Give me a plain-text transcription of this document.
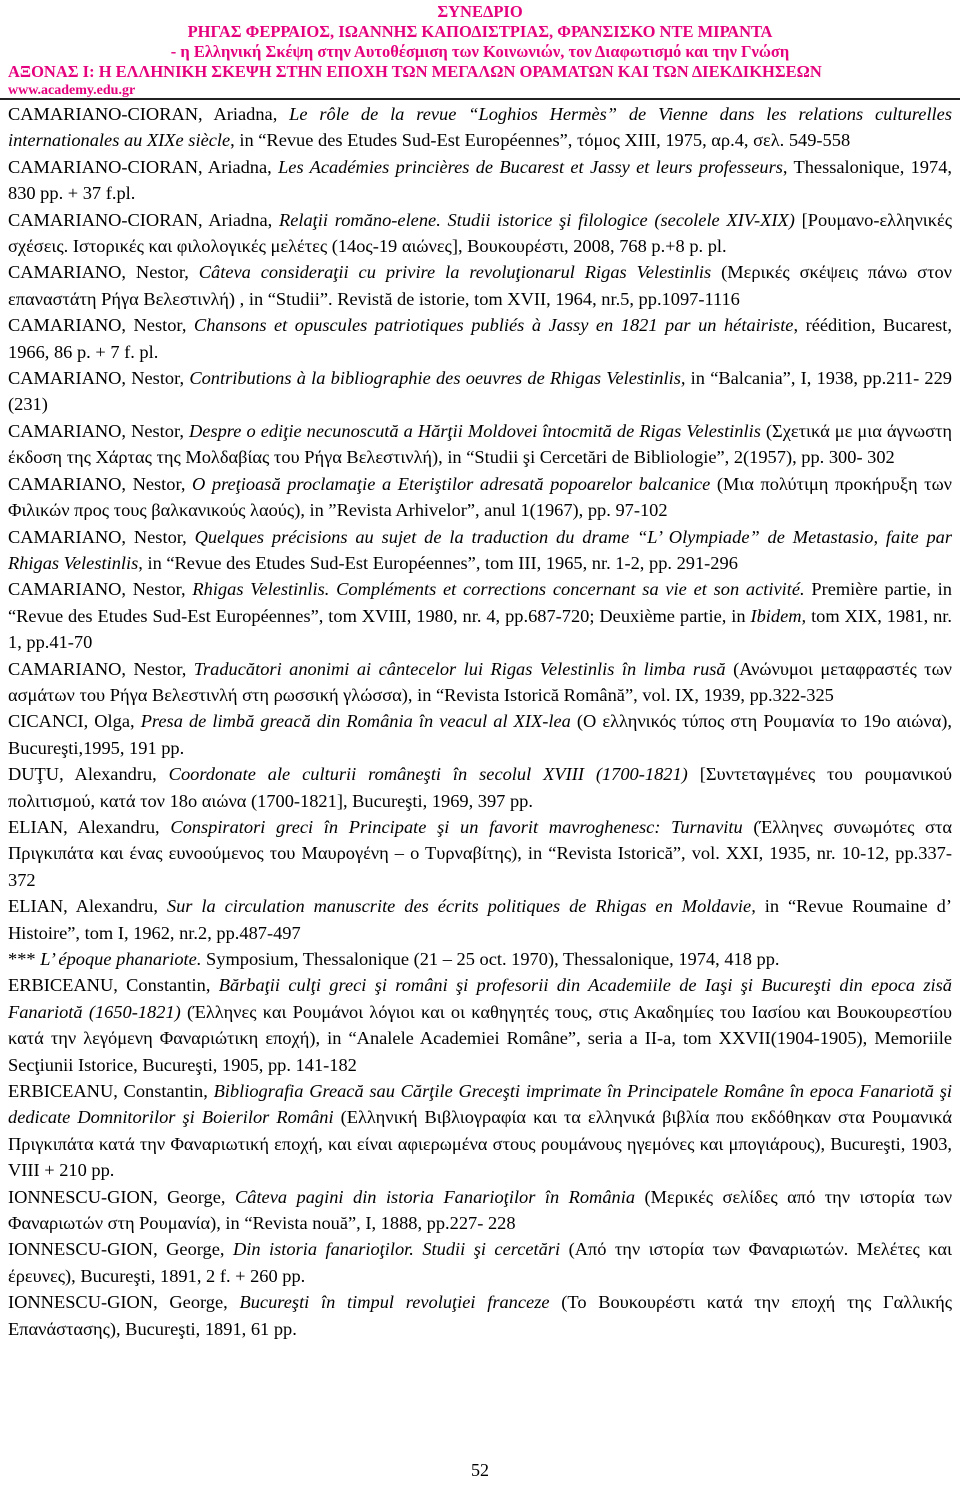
ΣΥΝΕΔΡΙΟ
ΡΗΓΑΣ ΦΕΡΡΑΙΟΣ, ΙΩΑΝΝΗΣ ΚΑΠΟΔΙΣΤΡΙΑΣ, ΦΡΑΝΣΙΣΚΟ ΝΤΕ ΜΙΡΑΝΤΑ
- η Ελληνική Σκέψη στην Αυτοθέσμιση των Κοινωνιών, τον Διαφωτισμό και την Γνώση
ΑΞΟΝΑΣ Ι: Η ΕΛΛΗΝΙΚΗ ΣΚΕΨΗ ΣΤΗΝ ΕΠΟΧΗ ΤΩΝ ΜΕΓΑΛΩΝ ΟΡΑΜΑΤΩΝ ΚΑΙ ΤΩΝ ΔΙΕΚΔΙΚΗΣΕΩΝ
www.academy.edu.gr

CAMARIANO-CIORAN, Ariadna, Le rôle de la revue “Loghios Hermès” de Vienne dans les relations culturelles internationales au XIXe siècle, in “Revue des Etudes Sud-Est Européennes”, τόμος XIII, 1975, αρ.4, σελ. 549-558

CAMARIANO-CIORAN, Ariadna, Les Académies princières de Bucarest et Jassy et leurs professeurs, Thessalonique, 1974, 830 pp. + 37 f.pl.

CAMARIANO-CIORAN, Ariadna, Relaţii romăno-elene. Studii istorice şi filologice (secolele XIV-XIX) [Ρουμανο-ελληνικές σχέσεις. Ιστορικές και φιλολογικές μελέτες (14ος-19 αιώνες], Βουκουρέστι, 2008, 768 p.+8 p. pl.

CAMARIANO, Nestor, Câteva consideraţii cu privire la revoluţionarul Rigas Velestinlis (Μερικές σκέψεις πάνω στον επαναστάτη Ρήγα Βελεστινλή) , in “Studii”. Revistă de istorie, tom XVII, 1964, nr.5, pp.1097-1116

CAMARIANO, Nestor, Chansons et opuscules patriotiques publiés à Jassy en 1821 par un hétairiste, réédition, Bucarest, 1966, 86 p. + 7 f. pl.

CAMARIANO, Nestor, Contributions à la bibliographie des oeuvres de Rhigas Velestinlis, in “Balcania”, I, 1938, pp.211- 229 (231)

CAMARIANO, Nestor, Despre o ediţie necunoscută a Hărţii Moldovei întocmită de Rigas Velestinlis (Σχετικά με μια άγνωστη έκδοση της Χάρτας της Μολδαβίας του Ρήγα Βελεστινλή), in “Studii şi Cercetări de Bibliologie”, 2(1957), pp. 300- 302

CAMARIANO, Nestor, O preţioasă proclamaţie a Eteriştilor adresată popoarelor balcanice (Μια πολύτιμη προκήρυξη των Φιλικών προς τους βαλκανικούς λαούς), in ”Revista Arhivelor”, anul 1(1967), pp. 97-102

CAMARIANO, Nestor, Quelques précisions au sujet de la traduction du drame “L’ Olympiade” de Metastasio, faite par Rhigas Velestinlis, in “Revue des Etudes Sud-Est Européennes”, tom III, 1965, nr. 1-2, pp. 291-296

CAMARIANO, Nestor, Rhigas Velestinlis. Compléments et corrections concernant sa vie et son activité. Première partie, in “Revue des Etudes Sud-Est Européennes”, tom XVIII, 1980, nr. 4, pp.687-720; Deuxième partie, in Ibidem, tom XIX, 1981, nr. 1, pp.41-70

CAMARIANO, Nestor, Traducători anonimi ai cântecelor lui Rigas Velestinlis în limba rusă (Ανώνυμοι μεταφραστές των ασμάτων του Ρήγα Βελεστινλή στη ρωσσική γλώσσα), in “Revista Istorică Română”, vol. IX, 1939, pp.322-325

CICANCI, Olga, Presa de limbă greacă din România în veacul al XIX-lea (Ο ελληνικός τύπος στη Ρουμανία το 19ο αιώνα), Bucureşti,1995, 191 pp.

DUŢU, Alexandru, Coordonate ale culturii româneşti în secolul XVIII (1700-1821) [Συντεταγμένες του ρουμανικού πολιτισμού, κατά τον 18ο αιώνα (1700-1821], Bucureşti, 1969, 397 pp.

ELIAN, Alexandru, Conspiratori greci în Principate şi un favorit mavroghenesc: Turnavitu (Έλληνες συνωμότες στα Πριγκιπάτα και ένας ευνοούμενος του Μαυρογένη – ο Τυρναβίτης), in “Revista Istorică”, vol. XXI, 1935, nr. 10-12, pp.337-372

ELIAN, Alexandru, Sur la circulation manuscrite des écrits politiques de Rhigas en Moldavie, in “Revue Roumaine d’ Histoire”, tom I, 1962, nr.2, pp.487-497

*** L’ époque phanariote. Symposium, Thessalonique (21 – 25 oct. 1970), Thessalonique, 1974, 418 pp.

ERBICEANU, Constantin, Bărbaţii culţi greci şi români şi profesorii din Academiile de Iaşi şi Bucureşti din epoca zisă Fanariotă (1650-1821) (Έλληνες και Ρουμάνοι λόγιοι και οι καθηγητές τους, στις Ακαδημίες του Ιασίου και Βουκουρεστίου κατά την λεγόμενη Φαναριώτικη εποχή), in “Analele Academiei Române”, seria a II-a, tom XXVII(1904-1905), Memoriile Secţiunii Istorice, Bucureşti, 1905, pp. 141-182

ERBICEANU, Constantin, Bibliografia Greacă sau Cărţile Greceşti imprimate în Principatele Române în epoca Fanariotă şi dedicate Domnitorilor şi Boierilor Români (Ελληνική Βιβλιογραφία και τα ελληνικά βιβλία που εκδόθηκαν στα Ρουμανικά Πριγκιπάτα κατά την Φαναριωτική εποχή, και είναι αφιερωμένα στους ρουμάνους ηγεμόνες και μπογιάρους), Bucureşti, 1903, VIII + 210 pp.

IONNESCU-GION, George, Câteva pagini din istoria Fanarioţilor în România (Μερικές σελίδες από την ιστορία των Φαναριωτών στη Ρουμανία), in “Revista nouă”, I, 1888, pp.227- 228

IONNESCU-GION, George, Din istoria fanarioţilor. Studii şi cercetări (Από την ιστορία των Φαναριωτών. Μελέτες και έρευνες), Bucureşti, 1891, 2 f. + 260 pp.

IONNESCU-GION, George, Bucureşti în timpul revoluţiei franceze (Το Βουκουρέστι κατά την εποχή της Γαλλικής Επανάστασης), Bucureşti, 1891, 61 pp.

52
